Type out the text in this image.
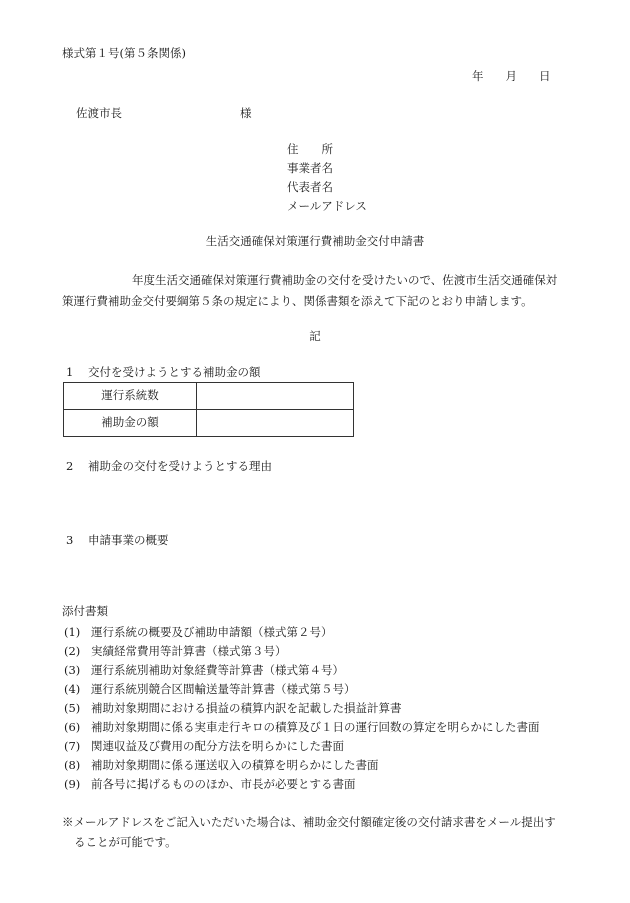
様式第１号(第５条関係)
年 月 日
佐渡市長	様
住　　所
事業者名
代表者名
メールアドレス
生活交通確保対策運行費補助金交付申請書
年度生活交通確保対策運行費補助金の交付を受けたいので、佐渡市生活交通確保対
策運行費補助金交付要綱第５条の規定により、関係書類を添えて下記のとおり申請します。
記
1 交付を受けようとする補助金の額
運行系統数	
補助金の額	
2 補助金の交付を受けようとする理由
3 申請事業の概要
添付書類
(1) 運行系統の概要及び補助申請額（様式第２号）
(2) 実績経常費用等計算書（様式第３号）
(3) 運行系統別補助対象経費等計算書（様式第４号）
(4) 運行系統別競合区間輸送量等計算書（様式第５号）
(5) 補助対象期間における損益の積算内訳を記載した損益計算書
(6) 補助対象期間に係る実車走行キロの積算及び１日の運行回数の算定を明らかにした書面
(7) 関連収益及び費用の配分方法を明らかにした書面
(8) 補助対象期間に係る運送収入の積算を明らかにした書面
(9) 前各号に掲げるもののほか、市長が必要とする書面
※メールアドレスをご記入いただいた場合は、補助金交付額確定後の交付請求書をメール提出す
ることが可能です。
